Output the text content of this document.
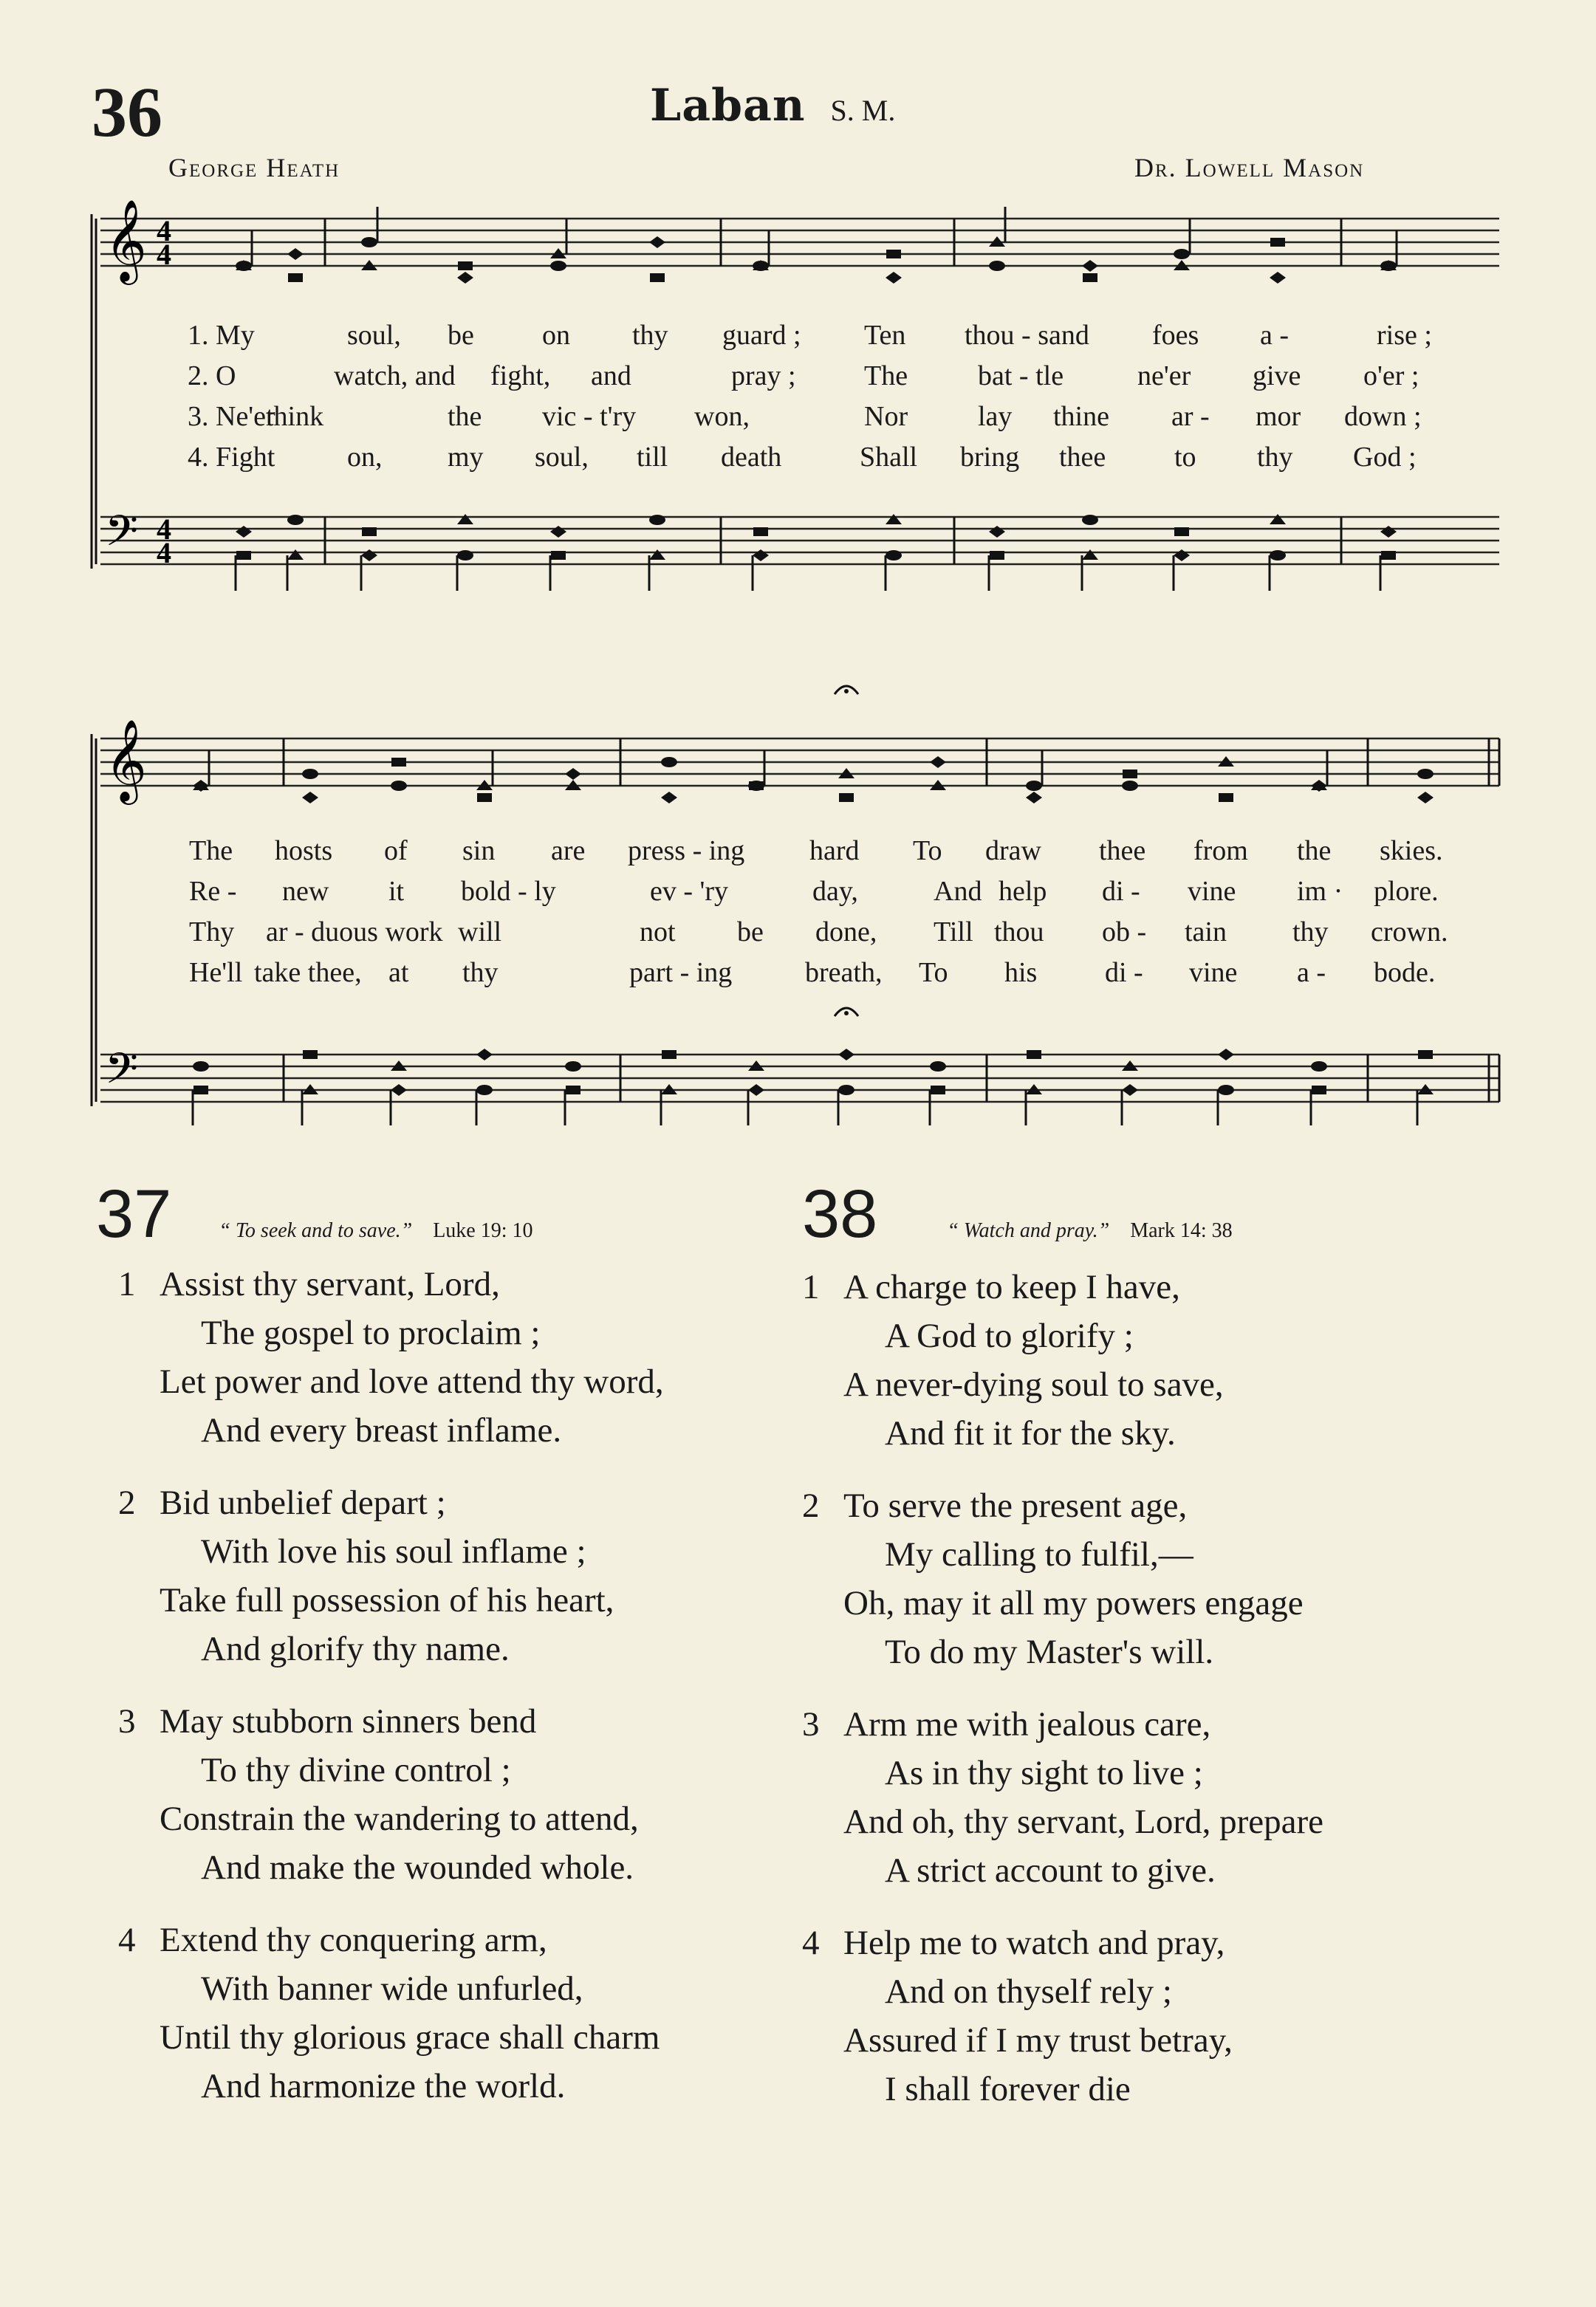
36	Laban S. M.
George Heath	Dr. Lowell Mason
𝄞
𝄢
4
4
4
4
𝄞
𝄢
1. My	soul, be on thy guard ; Ten thou - sand foes a -	rise ;
2. O	watch, and fight, and	pray ; The bat - tle	ne'er give o'er ;
3. Ne'er
think	the vic - t'ry won,	Nor lay thine ar - mor down ;
4. Fight	on, my soul, till death	Shall bring thee to thy God ;
The hosts of sin are press - ing hard To draw thee from the skies.
Re - new it bold - ly	ev - 'ry	day,	And help di - vine im · plore.
Thy ar - duous work will	not be done, Till thou ob - tain thy crown.
He'll take thee, at thy	part - ing	breath, To his di - vine a - bode.
37 “ To seek and to save.” Luke 19: 10
1 Assist thy servant, Lord,
The gospel to proclaim ;
Let power and love attend thy word,
And every breast inflame.
2 Bid unbelief depart ;
With love his soul inflame ;
Take full possession of his heart,
And glorify thy name.
3 May stubborn sinners bend
To thy divine control ;
Constrain the wandering to attend,
And make the wounded whole.
4 Extend thy conquering arm,
With banner wide unfurled,
Until thy glorious grace shall charm
And harmonize the world.
38	“ Watch and pray.” Mark 14: 38
1 A charge to keep I have,
A God to glorify ;
A never-dying soul to save,
And fit it for the sky.
2 To serve the present age,
My calling to fulfil,—
Oh, may it all my powers engage
To do my Master's will.
3 Arm me with jealous care,
As in thy sight to live ;
And oh, thy servant, Lord, prepare
A strict account to give.
4 Help me to watch and pray,
And on thyself rely ;
Assured if I my trust betray,
I shall forever die
